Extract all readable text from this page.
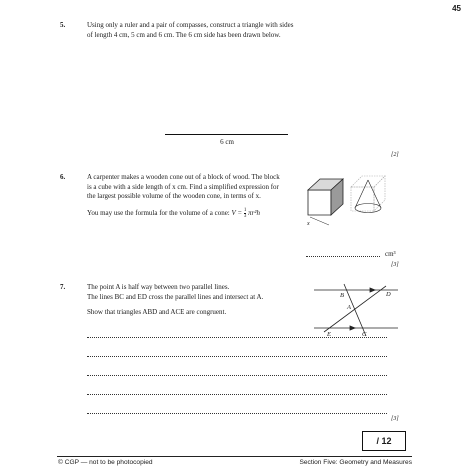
45
5.	Using only a ruler and a pair of compasses, construct a triangle with sides
of length 4 cm, 5 cm and 6 cm. The 6 cm side has been drawn below.
6 cm
[2]
6.	A carpenter makes a wooden cone out of a block of wood. The block
is a cube with a side length of x cm. Find a simplified expression for
the largest possible volume of the wooden cone, in terms of x.
You may use the formula for the volume of a cone: $V = \frac{1}{3} \pi r^2h$
x
cm³
[3]
7.	The point A is half way between two parallel lines.
The lines BC and ED cross the parallel lines and intersect at A.
Show that triangles ABD and ACE are congruent.
B	D
A
E	C
[3]
/ 12
© CGP — not to be photocopied	Section Five: Geometry and Measures
